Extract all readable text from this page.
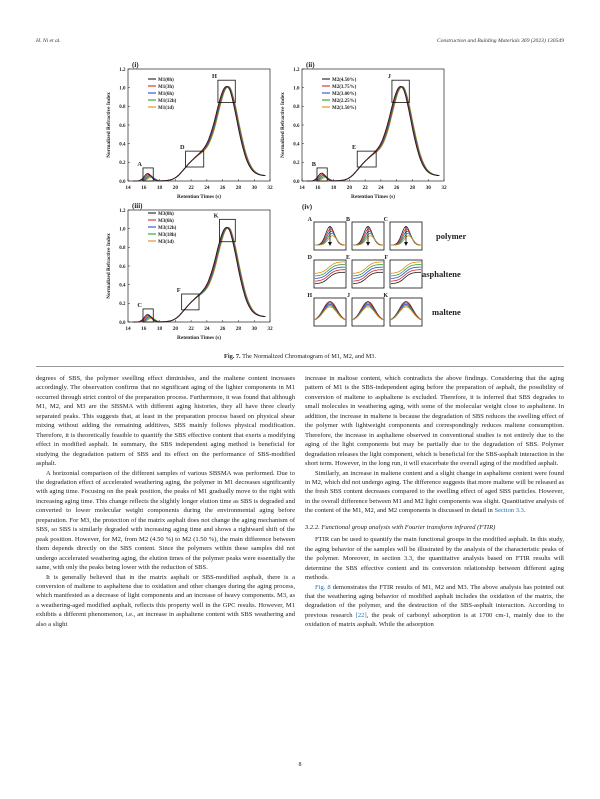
H. Ni et al.	Construction and Building Materials 369 (2023) 130549
14 16 18 20 22 24 26 28 30 32
0.0
0.2
0.4
0.6
0.8
1.0
1.2
Retention Times (s)
Normalized Refractive Index
(i)
A
D
H
M1(0h)
M1(3h)
M1(6h)
M1(12h)
M1(1d)
14 16 18 20 22 24 26 28 30 32
0.0
0.2
0.4
0.6
0.8
1.0
1.2
Retention Times (s)
Normalized Refractive Index
(ii)
B
E
J
M2(4.50%)
M2(3.75%)
M2(3.00%)
M2(2.25%)
M2(1.50%)
14 16 18 20 22 24 26 28 30 32
0.0
0.2
0.4
0.6
0.8
1.0
1.2
Retention Times (s)
Normalized Refractive Index
(iii)
C
F
K
M3(0h)
M3(6h)
M3(12h)
M3(18h)
M3(1d)
(iv)
A	B	C
D	E	F
H	J	K
polymer
asphaltene
maltene
Fig. 7. The Normalized Chromatogram of M1, M2, and M3.

degrees of SBS, the polymer swelling effect diminishes, and the maltene content increases accordingly. The observation confirms that no significant aging of the lighter components in M1 occurred through strict control of the preparation process. Furthermore, it was found that although M1, M2, and M3 are the SBSMA with different aging histories, they all have three clearly separated peaks. This suggests that, at least in the preparation process based on physical shear mixing without adding the remaining additives, SBS mainly follows physical modification. Therefore, it is theoretically feasible to quantify the SBS effective content that exerts a modifying effect in modified asphalt. In summary, the SBS independent aging method is beneficial for studying the degradation pattern of SBS and its effect on the performance of SBS-modified asphalt.

A horizontal comparison of the different samples of various SBSMA was performed. Due to the degradation effect of accelerated weathering aging, the polymer in M1 decreases significantly with aging time. Focusing on the peak position, the peaks of M1 gradually move to the right with increasing aging time. This change reflects the slightly longer elution time as SBS is degraded and converted to lower molecular weight components during the environmental aging before preparation. For M3, the protection of the matrix asphalt does not change the aging mechanism of SBS, so SBS is similarly degraded with increasing aging time and shows a rightward shift of the peak position. However, for M2, from M2 (4.50 %) to M2 (1.50 %), the main difference between them depends directly on the SBS content. Since the polymers within these samples did not undergo accelerated weathering aging, the elution times of the polymer peaks were essentially the same, with only the peaks being lower with the reduction of SBS.

It is generally believed that in the matrix asphalt or SBS-modified asphalt, there is a conversion of maltene to asphaltene due to oxidation and other changes during the aging process, which manifested as a decrease of light components and an increase of heavy components. M3, as a weathering-aged modified asphalt, reflects this property well in the GPC results. However, M1 exhibits a different phenomenon, i.e., an increase in asphaltene content with SBS weathering and also a slight

increase in maltose content, which contradicts the above findings. Considering that the aging pattern of M1 is the SBS-independent aging before the preparation of asphalt, the possibility of conversion of maltene to asphaltene is excluded. Therefore, it is inferred that SBS degrades to small molecules in weathering aging, with some of the molecular weight close to asphaltene. In addition, the increase in maltene is because the degradation of SBS reduces the swelling effect of the polymer with lightweight components and correspondingly reduces maltene consumption. Therefore, the increase in asphaltene observed in conventional studies is not entirely due to the aging of the light components but may be partially due to the degradation of SBS. Polymer degradation releases the light component, which is beneficial for the SBS-asphalt interaction in the short term. However, in the long run, it will exacerbate the overall aging of the modified asphalt.

Similarly, an increase in maltene content and a slight change in asphaltene content were found in M2, which did not undergo aging. The difference suggests that more maltene will be released as the fresh SBS content decreases compared to the swelling effect of aged SBS particles. However, in the overall difference between M1 and M2 light components was slight. Quantitative analysis of the content of the M1, M2, and M2 components is discussed in detail in Section 3.3.

3.2.2. Functional group analysis with Fourier transform infrared (FTIR)

FTIR can be used to quantify the main functional groups in the modified asphalt. In this study, the aging behavior of the samples will be illustrated by the analysis of the characteristic peaks of the polymer. Moreover, in section 3.3, the quantitative analysis based on FTIR results will determine the SBS effective content and its conversion relationship between different aging methods.

Fig. 8 demonstrates the FTIR results of M1, M2 and M3. The above analysis has pointed out that the weathering aging behavior of modified asphalt includes the oxidation of the matrix, the degradation of the polymer, and the destruction of the SBS-asphalt interaction. According to previous research [22], the peak of carbonyl adsorption is at 1700 cm-1, mainly due to the oxidation of matrix asphalt. While the adsorption

8
